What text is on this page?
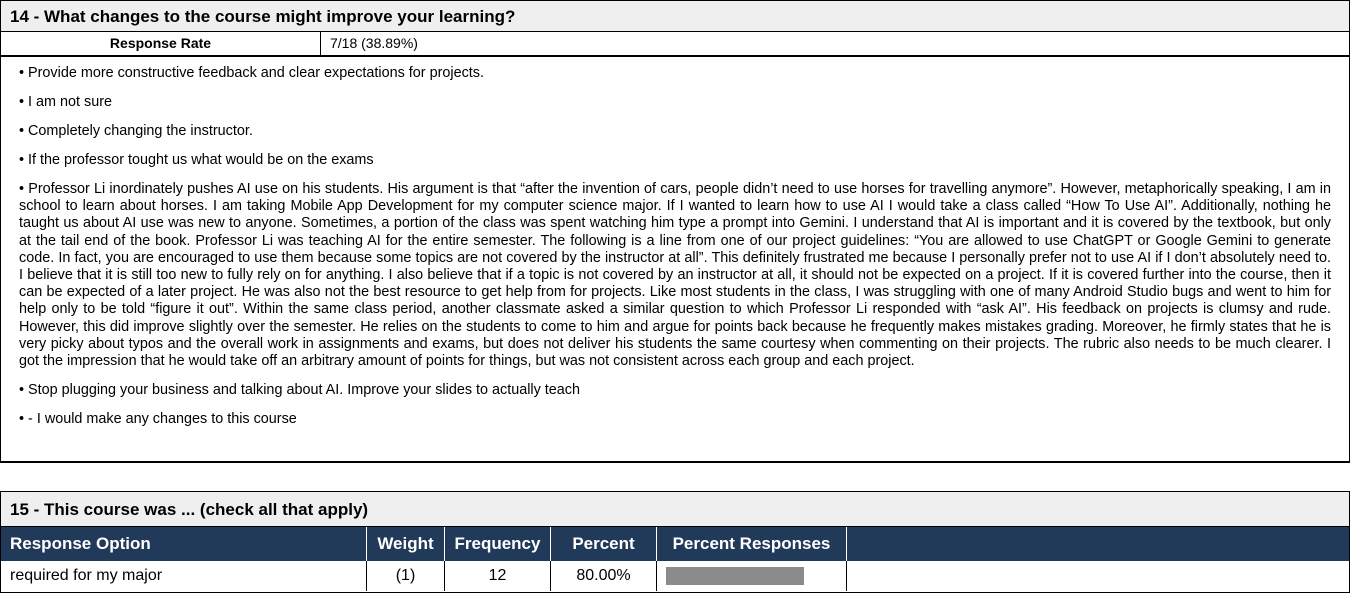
14 - What changes to the course might improve your learning?
Response Rate	7/18 (38.89%)

• Provide more constructive feedback and clear expectations for projects.

• I am not sure

• Completely changing the instructor.

• If the professor tought us what would be on the exams

• Professor Li inordinately pushes AI use on his students. His argument is that “after the invention of cars, people didn’t need to use horses for travelling anymore”. However, metaphorically speaking, I am in school to learn about horses. I am taking Mobile App Development for my computer science major. If I wanted to learn how to use AI I would take a class called “How To Use AI”. Additionally, nothing he taught us about AI use was new to anyone. Sometimes, a portion of the class was spent watching him type a prompt into Gemini. I understand that AI is important and it is covered by the textbook, but only at the tail end of the book. Professor Li was teaching AI for the entire semester. The following is a line from one of our project guidelines: “You are allowed to use ChatGPT or Google Gemini to generate code. In fact, you are encouraged to use them because some topics are not covered by the instructor at all”. This definitely frustrated me because I personally prefer not to use AI if I don’t absolutely need to. I believe that it is still too new to fully rely on for anything. I also believe that if a topic is not covered by an instructor at all, it should not be expected on a project. If it is covered further into the course, then it can be expected of a later project. He was also not the best resource to get help from for projects. Like most students in the class, I was struggling with one of many Android Studio bugs and went to him for help only to be told “figure it out”. Within the same class period, another classmate asked a similar question to which Professor Li responded with “ask AI”. His feedback on projects is clumsy and rude. However, this did improve slightly over the semester. He relies on the students to come to him and argue for points back because he frequently makes mistakes grading. Moreover, he firmly states that he is very picky about typos and the overall work in assignments and exams, but does not deliver his students the same courtesy when commenting on their projects. The rubric also needs to be much clearer. I got the impression that he would take off an arbitrary amount of points for things, but was not consistent across each group and each project.

• Stop plugging your business and talking about AI. Improve your slides to actually teach

• - I would make any changes to this course

15 - This course was ... (check all that apply)
Response Option	Weight	Frequency	Percent	Percent Responses
required for my major	(1)	12	80.00%
